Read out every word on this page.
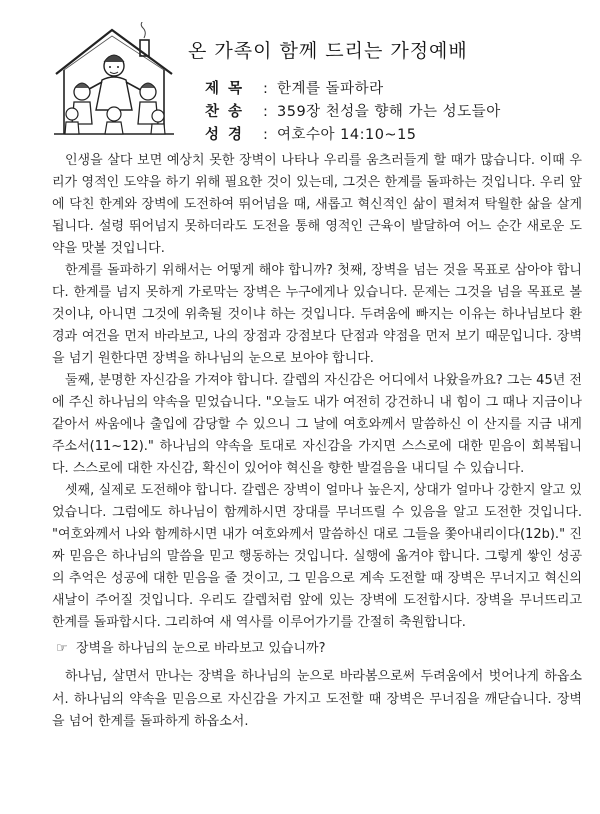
온 가족이 함께 드리는 가정예배
제 목 : 한계를 돌파하라
찬 송 : 359장 천성을 향해 가는 성도들아
성 경 : 여호수아 14:10~15

인생을 살다 보면 예상치 못한 장벽이 나타나 우리를 움츠러들게 할 때가 많습니다. 이때 우리가 영적인 도약을 하기 위해 필요한 것이 있는데, 그것은 한계를 돌파하는 것입니다. 우리 앞에 닥친 한계와 장벽에 도전하여 뛰어넘을 때, 새롭고 혁신적인 삶이 펼쳐져 탁월한 삶을 살게 됩니다. 설령 뛰어넘지 못하더라도 도전을 통해 영적인 근육이 발달하여 어느 순간 새로운 도약을 맛볼 것입니다.

한계를 돌파하기 위해서는 어떻게 해야 합니까? 첫째, 장벽을 넘는 것을 목표로 삼아야 합니다. 한계를 넘지 못하게 가로막는 장벽은 누구에게나 있습니다. 문제는 그것을 넘을 목표로 볼 것이냐, 아니면 그것에 위축될 것이냐 하는 것입니다. 두려움에 빠지는 이유는 하나님보다 환경과 여건을 먼저 바라보고, 나의 장점과 강점보다 단점과 약점을 먼저 보기 때문입니다. 장벽을 넘기 원한다면 장벽을 하나님의 눈으로 보아야 합니다.

둘째, 분명한 자신감을 가져야 합니다. 갈렙의 자신감은 어디에서 나왔을까요? 그는 45년 전에 주신 하나님의 약속을 믿었습니다. "오늘도 내가 여전히 강건하니 내 힘이 그 때나 지금이나 같아서 싸움에나 출입에 감당할 수 있으니 그 날에 여호와께서 말씀하신 이 산지를 지금 내게 주소서(11~12)." 하나님의 약속을 토대로 자신감을 가지면 스스로에 대한 믿음이 회복됩니다. 스스로에 대한 자신감, 확신이 있어야 혁신을 향한 발걸음을 내디딜 수 있습니다.

셋째, 실제로 도전해야 합니다. 갈렙은 장벽이 얼마나 높은지, 상대가 얼마나 강한지 알고 있었습니다. 그럼에도 하나님이 함께하시면 장대를 무너뜨릴 수 있음을 알고 도전한 것입니다. "여호와께서 나와 함께하시면 내가 여호와께서 말씀하신 대로 그들을 쫓아내리이다(12b)." 진짜 믿음은 하나님의 말씀을 믿고 행동하는 것입니다. 실행에 옮겨야 합니다. 그렇게 쌓인 성공의 추억은 성공에 대한 믿음을 줄 것이고, 그 믿음으로 계속 도전할 때 장벽은 무너지고 혁신의 새날이 주어질 것입니다. 우리도 갈렙처럼 앞에 있는 장벽에 도전합시다. 장벽을 무너뜨리고 한계를 돌파합시다. 그리하여 새 역사를 이루어가기를 간절히 축원합니다.

☞ 장벽을 하나님의 눈으로 바라보고 있습니까?

하나님, 살면서 만나는 장벽을 하나님의 눈으로 바라봄으로써 두려움에서 벗어나게 하옵소서. 하나님의 약속을 믿음으로 자신감을 가지고 도전할 때 장벽은 무너짐을 깨닫습니다. 장벽을 넘어 한계를 돌파하게 하옵소서.
